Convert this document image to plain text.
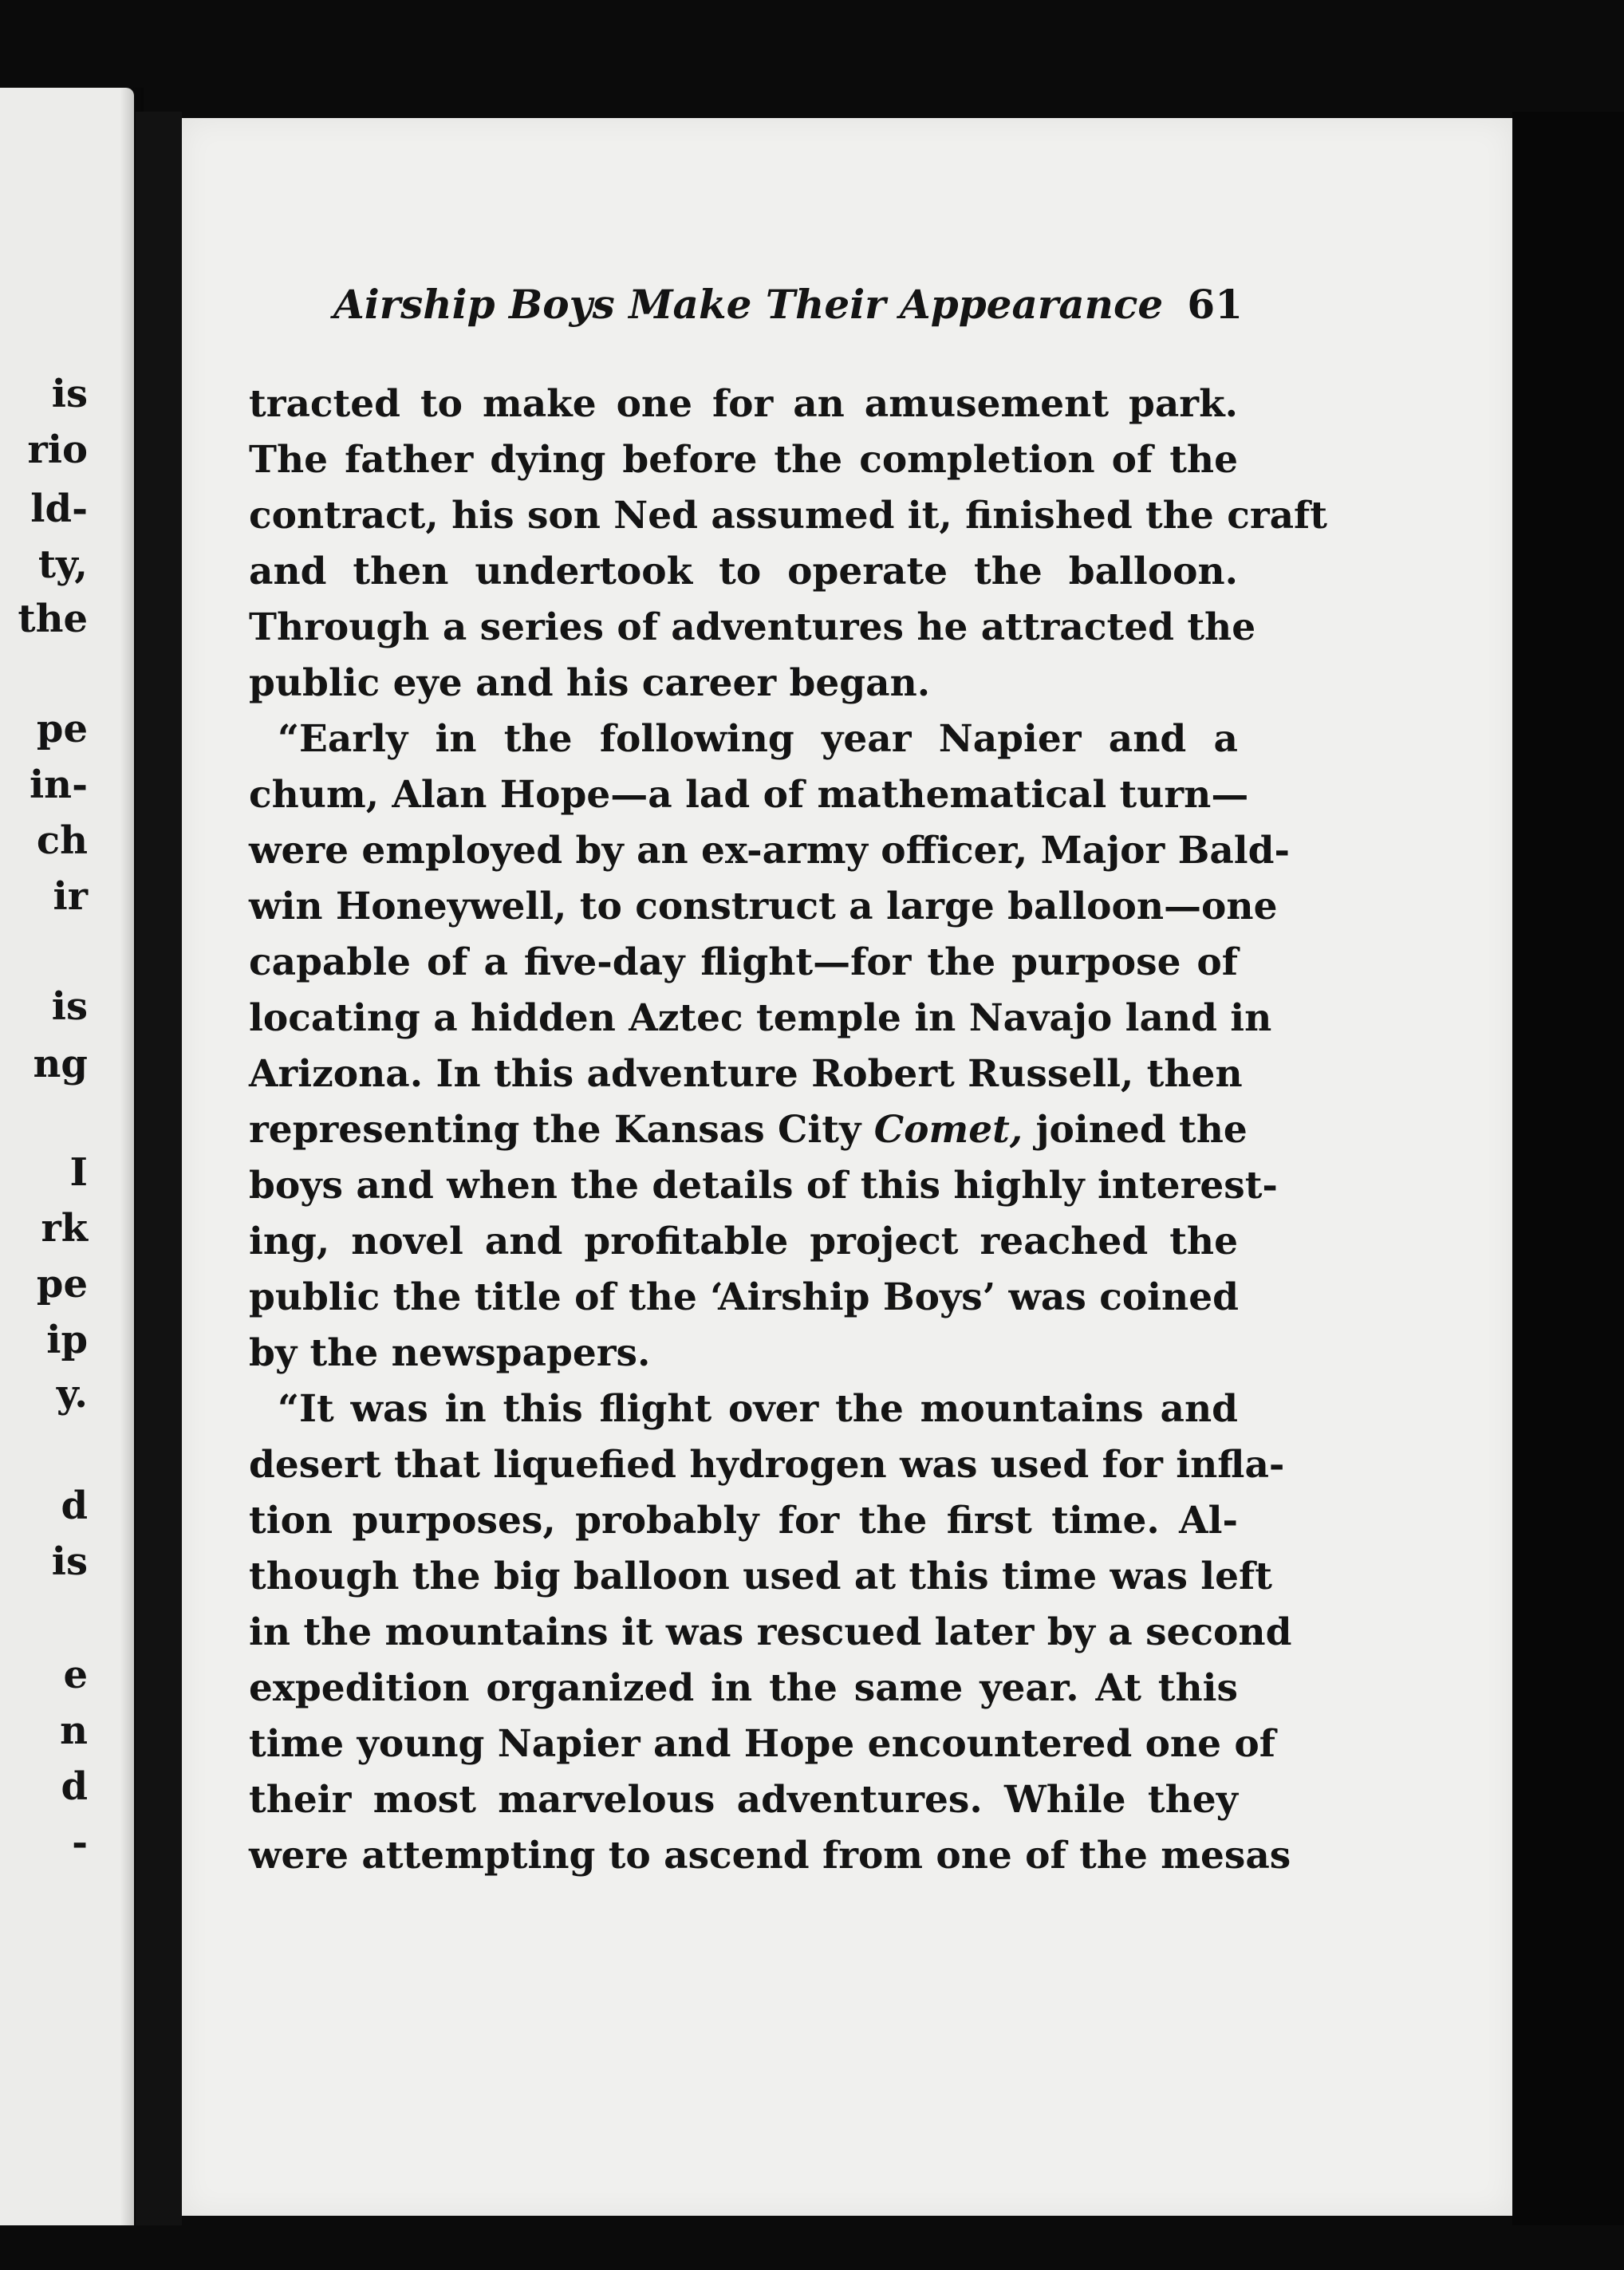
is
rio
ld-
ty,
the
pe
in-
ch
ir
is
ng
I
rk
pe
ip
y.
d
is
e
n
d
-
Airship Boys Make Their Appearance 61
tracted to make one for an amusement park.
The father dying before the completion of the
contract, his son Ned assumed it, finished the craft
and then undertook to operate the balloon.
Through a series of adventures he attracted the
public eye and his career began.
“Early in the following year Napier and a
chum, Alan Hope—a lad of mathematical turn—
were employed by an ex-army officer, Major Bald-
win Honeywell, to construct a large balloon—one
capable of a five-day flight—for the purpose of
locating a hidden Aztec temple in Navajo land in
Arizona. In this adventure Robert Russell, then
representing the Kansas City Comet, joined the
boys and when the details of this highly interest-
ing, novel and profitable project reached the
public the title of the ‘Airship Boys’ was coined
by the newspapers.
“It was in this flight over the mountains and
desert that liquefied hydrogen was used for infla-
tion purposes, probably for the first time. Al-
though the big balloon used at this time was left
in the mountains it was rescued later by a second
expedition organized in the same year. At this
time young Napier and Hope encountered one of
their most marvelous adventures. While they
were attempting to ascend from one of the mesas
